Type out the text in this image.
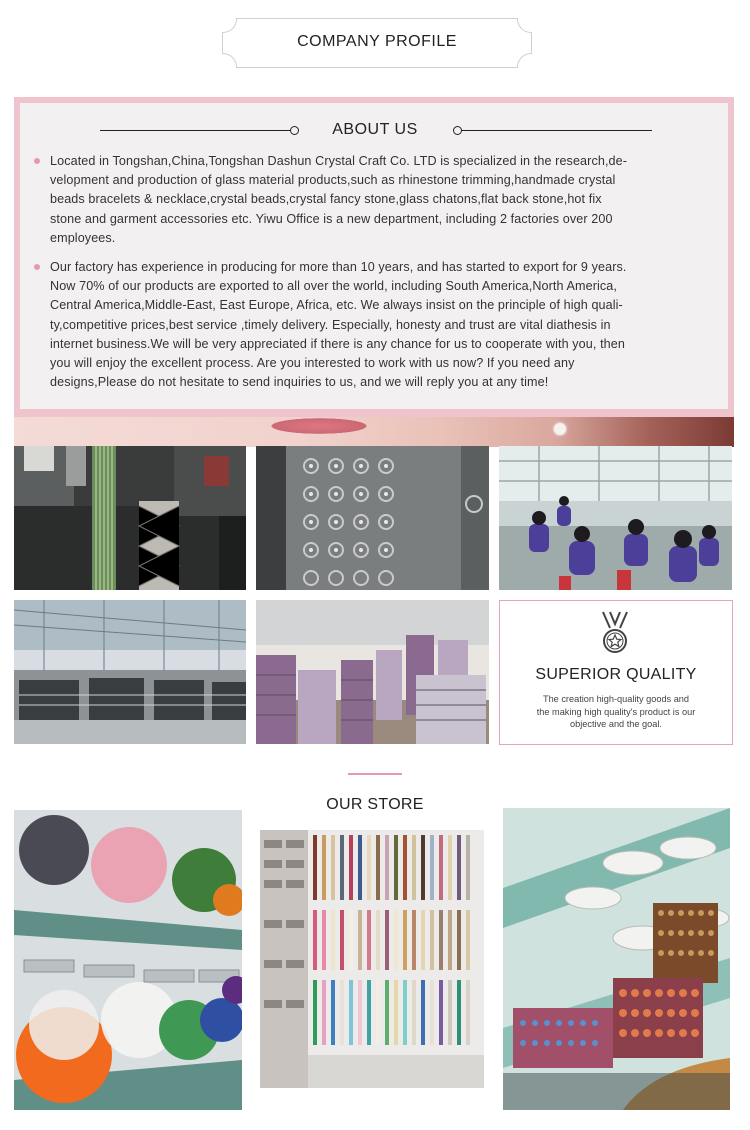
COMPANY PROFILE
ABOUT US
Located in Tongshan,China,Tongshan Dashun Crystal Craft Co. LTD is specialized in the research,de-
velopment and production of glass material products,such as rhinestone trimming,handmade crystal
beads bracelets & necklace,crystal beads,crystal fancy stone,glass chatons,flat back stone,hot fix
stone and garment accessories etc. Yiwu Office is a new department, including 2 factories over 200
employees.
Our factory has experience in producing for more than 10 years, and has started to export for 9 years.
Now 70% of our products are exported to all over the world, including South America,North America,
Central America,Middle-East, East Europe, Africa, etc. We always insist on the principle of high quali-
ty,competitive prices,best service ,timely delivery. Especially, honesty and trust are vital diathesis in
internet business.We will be very appreciated if there is any chance for us to cooperate with you, then
you will enjoy the excellent process. Are you interested to work with us now? If you need any
designs,Please do not hesitate to send inquiries to us, and we will reply you at any time!
SUPERIOR QUALITY
The creation high-quality goods and
the making high quality's product is our
objective and the goal.
OUR STORE
